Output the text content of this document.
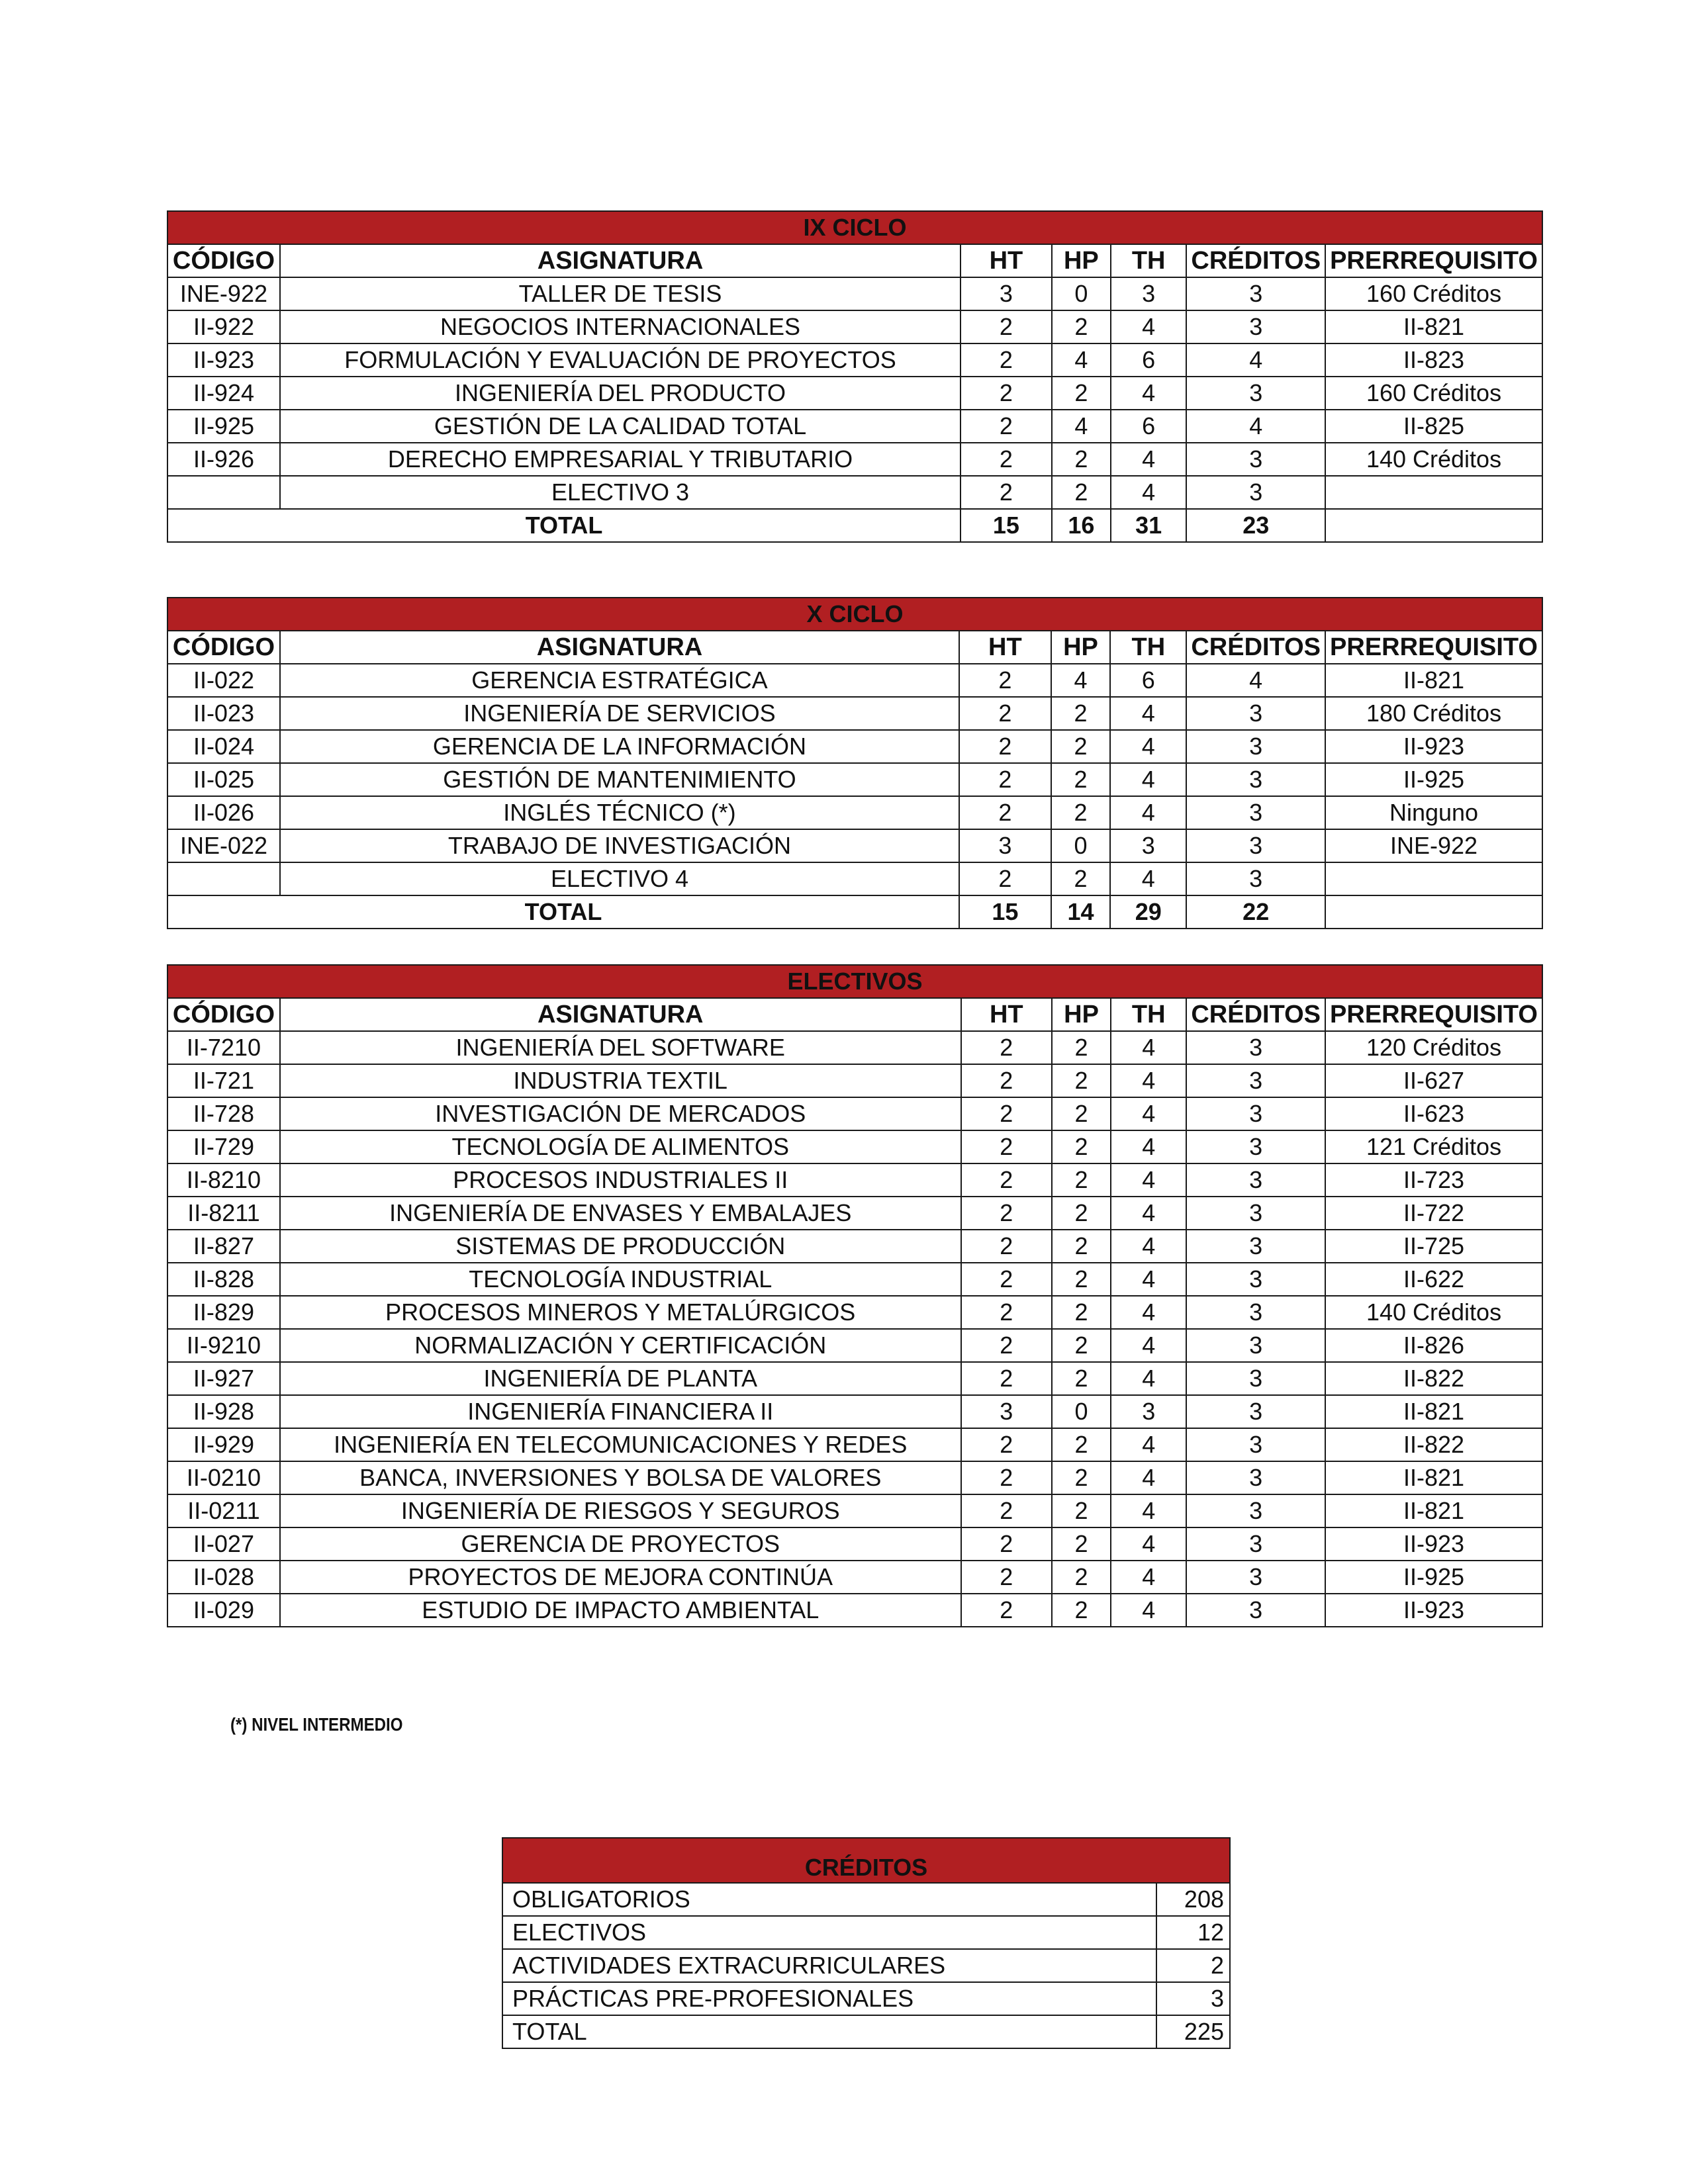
IX CICLO						
CÓDIGO	ASIGNATURA	HT	HP	TH	CRÉDITOS	PRERREQUISITO
INE-922	TALLER DE TESIS	3	0	3	3	160 Créditos
II-922	NEGOCIOS INTERNACIONALES	2	2	4	3	II-821
II-923	FORMULACIÓN Y EVALUACIÓN DE PROYECTOS	2	4	6	4	II-823
II-924	INGENIERÍA DEL PRODUCTO	2	2	4	3	160 Créditos
II-925	GESTIÓN DE LA CALIDAD TOTAL	2	4	6	4	II-825
II-926	DERECHO EMPRESARIAL Y TRIBUTARIO	2	2	4	3	140 Créditos
	ELECTIVO 3	2	2	4	3	
TOTAL		15	16	31	23	
X CICLO						
CÓDIGO	ASIGNATURA	HT	HP	TH	CRÉDITOS	PRERREQUISITO
II-022	GERENCIA ESTRATÉGICA	2	4	6	4	II-821
II-023	INGENIERÍA DE SERVICIOS	2	2	4	3	180 Créditos
II-024	GERENCIA DE LA INFORMACIÓN	2	2	4	3	II-923
II-025	GESTIÓN DE MANTENIMIENTO	2	2	4	3	II-925
II-026	INGLÉS TÉCNICO (*)	2	2	4	3	Ninguno
INE-022	TRABAJO DE INVESTIGACIÓN	3	0	3	3	INE-922
	ELECTIVO 4	2	2	4	3	
TOTAL		15	14	29	22	
ELECTIVOS						
CÓDIGO	ASIGNATURA	HT	HP	TH	CRÉDITOS	PRERREQUISITO
II-7210	INGENIERÍA DEL SOFTWARE	2	2	4	3	120 Créditos
II-721	INDUSTRIA TEXTIL	2	2	4	3	II-627
II-728	INVESTIGACIÓN DE MERCADOS	2	2	4	3	II-623
II-729	TECNOLOGÍA DE ALIMENTOS	2	2	4	3	121 Créditos
II-8210	PROCESOS INDUSTRIALES II	2	2	4	3	II-723
II-8211	INGENIERÍA DE ENVASES Y EMBALAJES	2	2	4	3	II-722
II-827	SISTEMAS DE PRODUCCIÓN	2	2	4	3	II-725
II-828	TECNOLOGÍA INDUSTRIAL	2	2	4	3	II-622
II-829	PROCESOS MINEROS Y METALÚRGICOS	2	2	4	3	140 Créditos
II-9210	NORMALIZACIÓN Y CERTIFICACIÓN	2	2	4	3	II-826
II-927	INGENIERÍA DE PLANTA	2	2	4	3	II-822
II-928	INGENIERÍA FINANCIERA II	3	0	3	3	II-821
II-929	INGENIERÍA EN TELECOMUNICACIONES Y REDES	2	2	4	3	II-822
II-0210	BANCA, INVERSIONES Y BOLSA DE VALORES	2	2	4	3	II-821
II-0211	INGENIERÍA DE RIESGOS Y SEGUROS	2	2	4	3	II-821
II-027	GERENCIA DE PROYECTOS	2	2	4	3	II-923
II-028	PROYECTOS DE MEJORA CONTINÚA	2	2	4	3	II-925
II-029	ESTUDIO DE IMPACTO AMBIENTAL	2	2	4	3	II-923
(*) NIVEL INTERMEDIO
CRÉDITOS	
OBLIGATORIOS	208
ELECTIVOS	12
ACTIVIDADES EXTRACURRICULARES	2
PRÁCTICAS PRE-PROFESIONALES	3
TOTAL	225
